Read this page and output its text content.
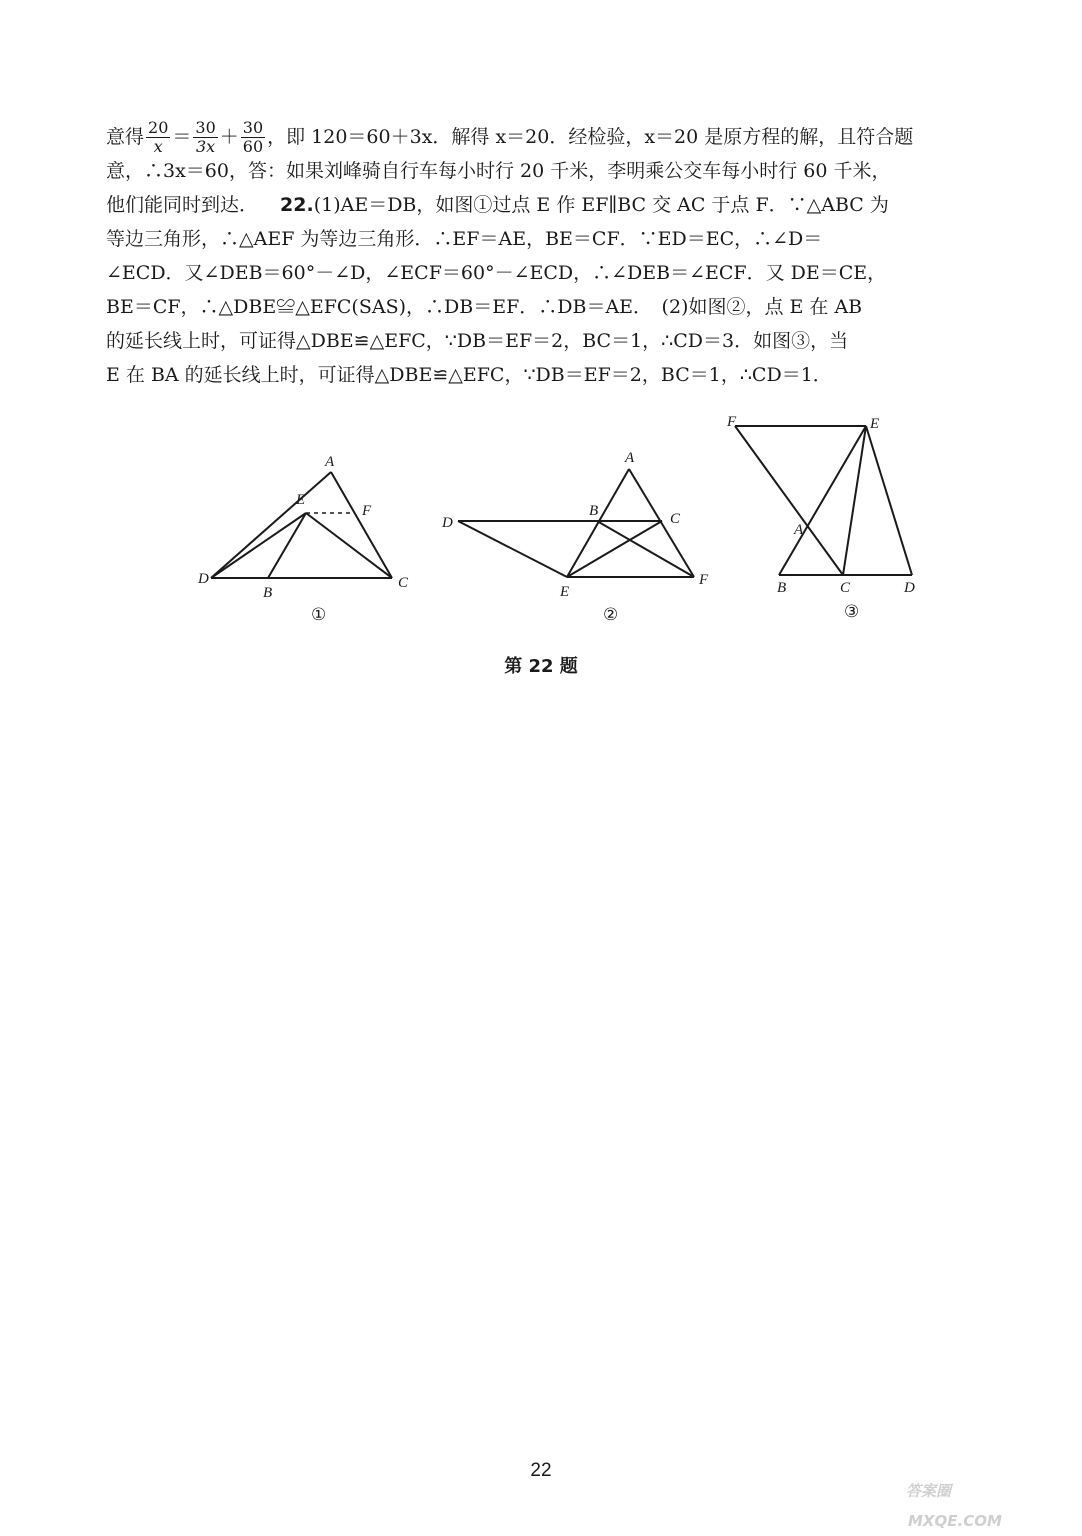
意得 $\frac{20}{x} = \frac{30}{3x} + \frac{30}{60}$ ，即 120＝60＋3x．解得 x＝20．经检验，x＝20 是原方程的解，且符合题
意，∴3x＝60，答：如果刘峰骑自行车每小时行 20 千米，李明乘公交车每小时行 60 千米，
他们能同时到达． 22. (1)AE＝DB，如图①过点 E 作 EF∥BC 交 AC 于点 F．∵△ABC 为
等边三角形，∴△AEF 为等边三角形．∴EF＝AE，BE＝CF．∵ED＝EC，∴∠D＝
∠ECD．又∠DEB＝60°－∠D，∠ECF＝60°－∠ECD，∴∠DEB＝∠ECF．又 DE＝CE，
BE＝CF，∴△DBE≌△EFC(SAS)，∴DB＝EF．∴DB＝AE．　(2)如图②，点 E 在 AB
的延长线上时，可证得△DBE≌△EFC，∵DB＝EF＝2，BC＝1，∴CD＝3．如图③，当
E 在 BA 的延长线上时，可证得△DBE≌△EFC，∵DB＝EF＝2，BC＝1，∴CD＝1．
A
E
F
D
B
C
①
A
B	C
D
E
F
②
F	E
A
B	C	D
③
第 22 题
22
答案圈
MXQE.COM
